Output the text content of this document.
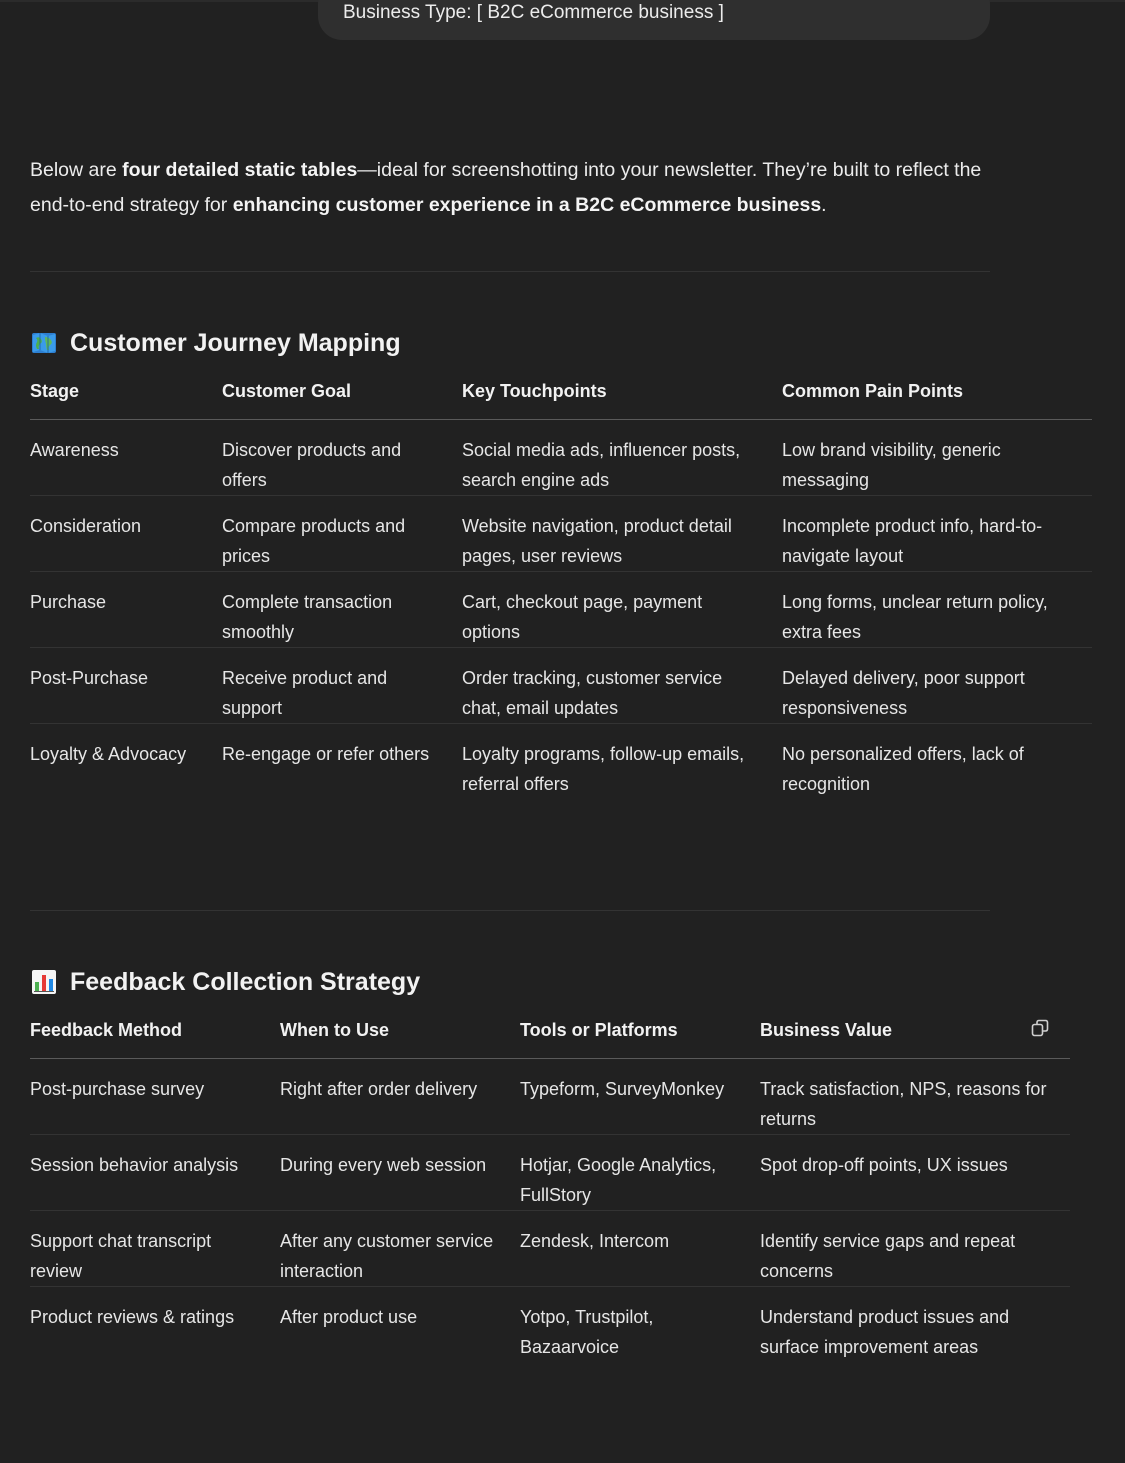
Business Type: [ B2C eCommerce business ]
Below are four detailed static tables—ideal for screenshotting into your newsletter. They’re built to reflect the end-to-end strategy for enhancing customer experience in a B2C eCommerce business.
Customer Journey Mapping
Stage	Customer Goal	Key Touchpoints	Common Pain Points

Awareness	Discover products and offers	Social media ads, influencer posts, search engine ads	Low brand visibility, generic messaging

Consideration	Compare products and prices	Website navigation, product detail pages, user reviews	Incomplete product info, hard-to-navigate layout

Purchase	Complete transaction smoothly	Cart, checkout page, payment options	Long forms, unclear return policy, extra fees

Post-Purchase	Receive product and support	Order tracking, customer service chat, email updates	Delayed delivery, poor support responsiveness

Loyalty & Advocacy	Re-engage or refer others	Loyalty programs, follow-up emails, referral offers	No personalized offers, lack of recognition
Feedback Collection Strategy
Feedback Method	When to Use	Tools or Platforms	Business Value

Post-purchase survey	Right after order delivery	Typeform, SurveyMonkey	Track satisfaction, NPS, reasons for returns

Session behavior analysis	During every web session	Hotjar, Google Analytics, FullStory	Spot drop-off points, UX issues

Support chat transcript review	After any customer service interaction	Zendesk, Intercom	Identify service gaps and repeat concerns

Product reviews & ratings	After product use	Yotpo, Trustpilot, Bazaarvoice	Understand product issues and surface improvement areas
